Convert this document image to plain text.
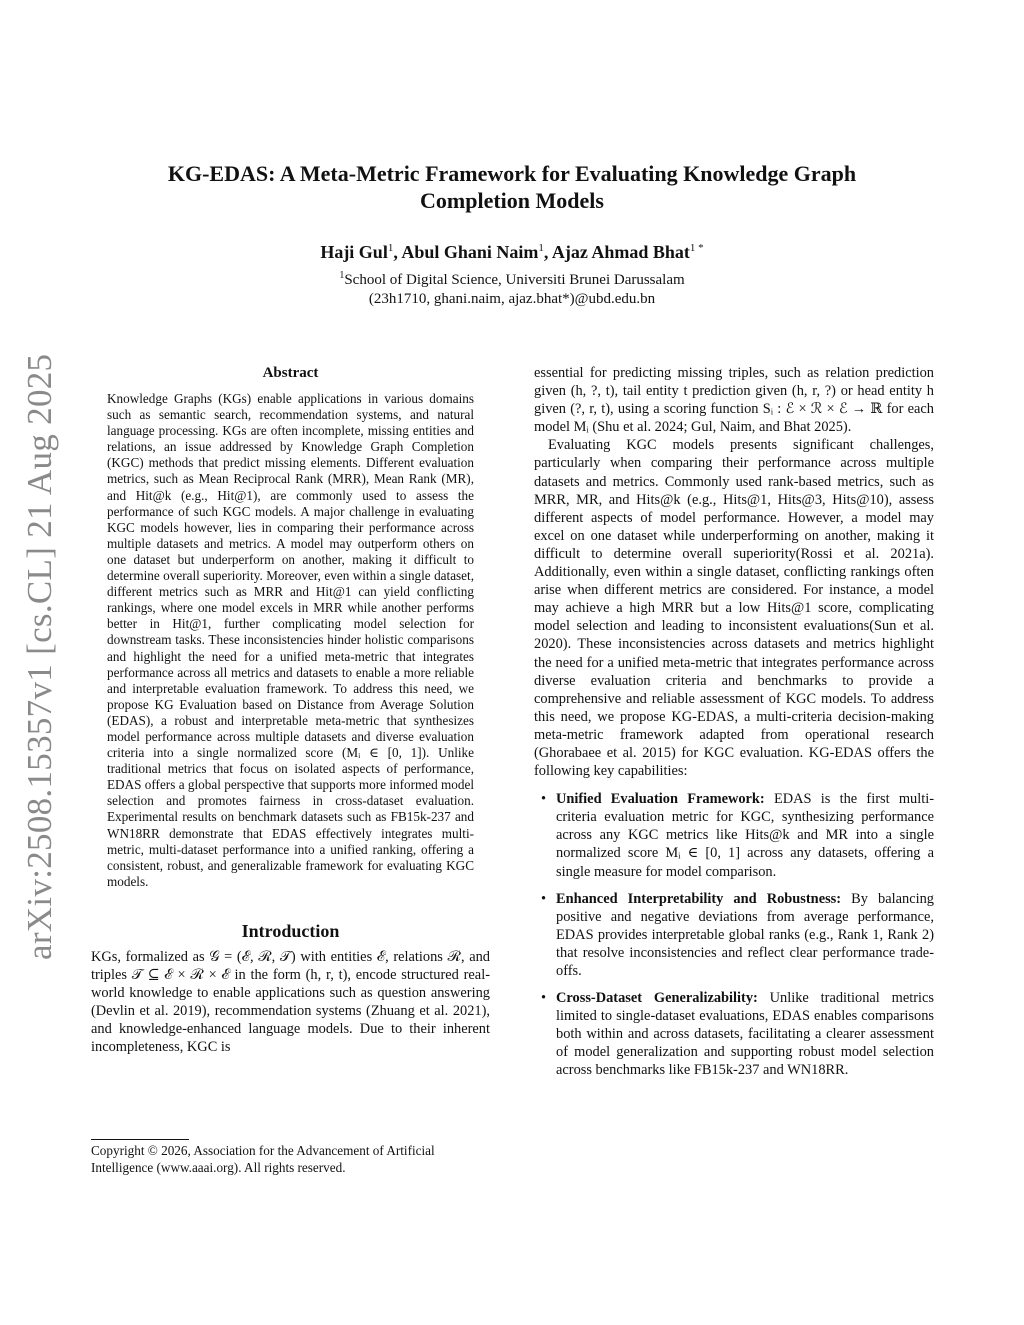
arXiv:2508.15357v1 [cs.CL] 21 Aug 2025
KG-EDAS: A Meta-Metric Framework for Evaluating Knowledge Graph
Completion Models
Haji Gul$^1$, Abul Ghani Naim$^1$, Ajaz Ahmad Bhat$^{1 *}$
$^1$School of Digital Science, Universiti Brunei Darussalam
(23h1710, ghani.naim, ajaz.bhat*)@ubd.edu.bn
Abstract

Knowledge Graphs (KGs) enable applications in various domains such as semantic search, recommendation systems, and natural language processing. KGs are often incomplete, missing entities and relations, an issue addressed by Knowledge Graph Completion (KGC) methods that predict missing elements. Different evaluation metrics, such as Mean Reciprocal Rank (MRR), Mean Rank (MR), and Hit@k (e.g., Hit@1), are commonly used to assess the performance of such KGC models. A major challenge in evaluating KGC models however, lies in comparing their performance across multiple datasets and metrics. A model may outperform others on one dataset but underperform on another, making it difficult to determine overall superiority. Moreover, even within a single dataset, different metrics such as MRR and Hit@1 can yield conflicting rankings, where one model excels in MRR while another performs better in Hit@1, further complicating model selection for downstream tasks. These inconsistencies hinder holistic comparisons and highlight the need for a unified meta-metric that integrates performance across all metrics and datasets to enable a more reliable and interpretable evaluation framework. To address this need, we propose KG Evaluation based on Distance from Average Solution (EDAS), a robust and interpretable meta-metric that synthesizes model performance across multiple datasets and diverse evaluation criteria into a single normalized score (Mᵢ ∈ [0, 1]). Unlike traditional metrics that focus on isolated aspects of performance, EDAS offers a global perspective that supports more informed model selection and promotes fairness in cross-dataset evaluation. Experimental results on benchmark datasets such as FB15k-237 and WN18RR demonstrate that EDAS effectively integrates multi-metric, multi-dataset performance into a unified ranking, offering a consistent, robust, and generalizable framework for evaluating KGC models.

Introduction

KGs, formalized as 𝒢 = (ℰ, ℛ, 𝒯) with entities ℰ, relations ℛ, and triples 𝒯 ⊆ ℰ × ℛ × ℰ in the form (h, r, t), encode structured real-world knowledge to enable applications such as question answering (Devlin et al. 2019), recommendation systems (Zhuang et al. 2021), and knowledge-enhanced language models. Due to their inherent incompleteness, KGC is

essential for predicting missing triples, such as relation prediction given (h, ?, t), tail entity t prediction given (h, r, ?) or head entity h given (?, r, t), using a scoring function Sᵢ : ℰ × ℛ × ℰ → ℝ for each model Mᵢ (Shu et al. 2024; Gul, Naim, and Bhat 2025).

Evaluating KGC models presents significant challenges, particularly when comparing their performance across multiple datasets and metrics. Commonly used rank-based metrics, such as MRR, MR, and Hits@k (e.g., Hits@1, Hits@3, Hits@10), assess different aspects of model performance. However, a model may excel on one dataset while underperforming on another, making it difficult to determine overall superiority(Rossi et al. 2021a). Additionally, even within a single dataset, conflicting rankings often arise when different metrics are considered. For instance, a model may achieve a high MRR but a low Hits@1 score, complicating model selection and leading to inconsistent evaluations(Sun et al. 2020). These inconsistencies across datasets and metrics highlight the need for a unified meta-metric that integrates performance across diverse evaluation criteria and benchmarks to provide a comprehensive and reliable assessment of KGC models. To address this need, we propose KG-EDAS, a multi-criteria decision-making meta-metric framework adapted from operational research (Ghorabaee et al. 2015) for KGC evaluation. KG-EDAS offers the following key capabilities:

• Unified Evaluation Framework: EDAS is the first multi-criteria evaluation metric for KGC, synthesizing performance across any KGC metrics like Hits@k and MR into a single normalized score Mᵢ ∈ [0, 1] across any datasets, offering a single measure for model comparison.
• Enhanced Interpretability and Robustness: By balancing positive and negative deviations from average performance, EDAS provides interpretable global ranks (e.g., Rank 1, Rank 2) that resolve inconsistencies and reflect clear performance trade-offs.
• Cross-Dataset Generalizability: Unlike traditional metrics limited to single-dataset evaluations, EDAS enables comparisons both within and across datasets, facilitating a clearer assessment of model generalization and supporting robust model selection across benchmarks like FB15k-237 and WN18RR.
Copyright © 2026, Association for the Advancement of Artificial Intelligence (www.aaai.org). All rights reserved.
